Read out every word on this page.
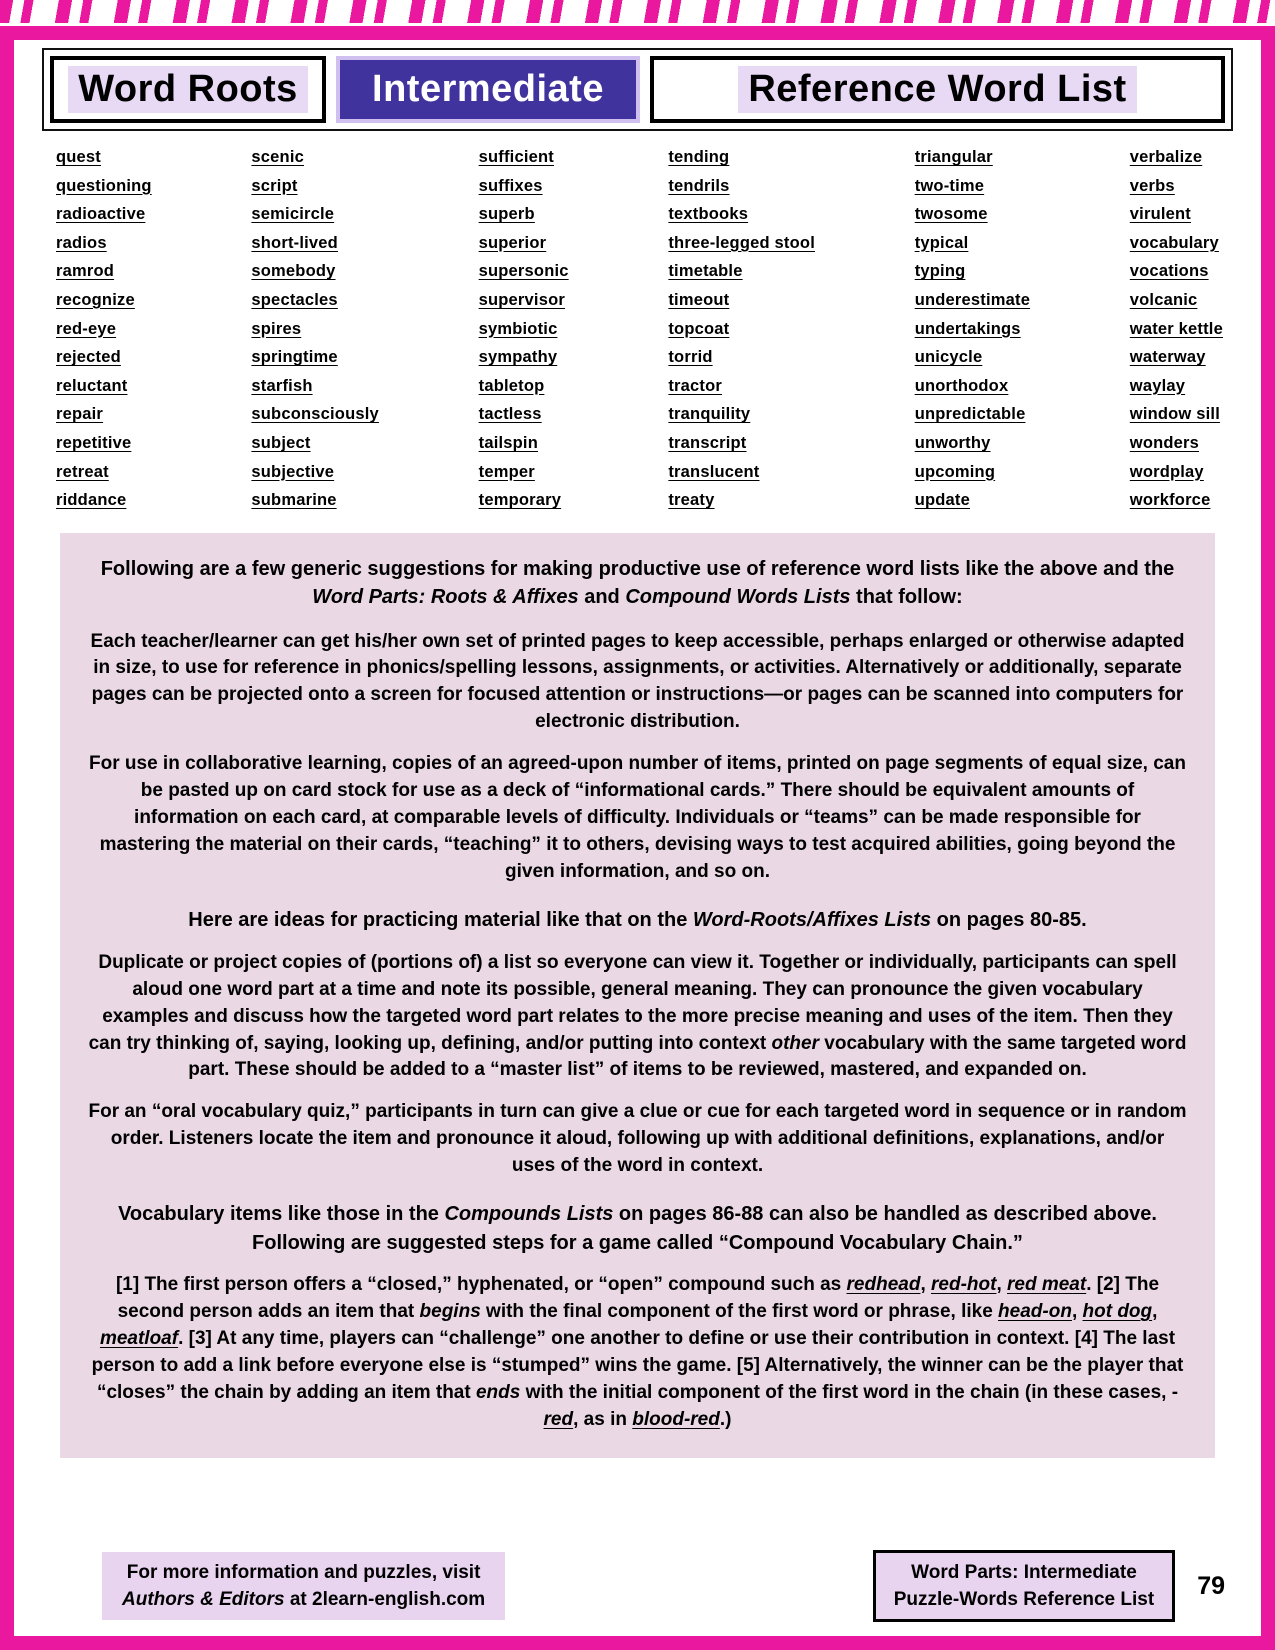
Word Roots Intermediate	Reference Word List
quest
questioning
radioactive
radios
ramrod
recognize
red-eye
rejected
reluctant
repair
repetitive
retreat
riddance
scenic
script
semicircle
short-lived
somebody
spectacles
spires
springtime
starfish
subconsciously
subject
subjective
submarine
sufficient
suffixes
superb
superior
supersonic
supervisor
symbiotic
sympathy
tabletop
tactless
tailspin
temper
temporary
tending
tendrils
textbooks
three-legged stool
timetable
timeout
topcoat
torrid
tractor
tranquility
transcript
translucent
treaty
triangular
two-time
twosome
typical
typing
underestimate
undertakings
unicycle
unorthodox
unpredictable
unworthy
upcoming
update
verbalize
verbs
virulent
vocabulary
vocations
volcanic
water kettle
waterway
waylay
window sill
wonders
wordplay
workforce

Following are a few generic suggestions for making productive use of reference word lists like the above and the Word Parts: Roots & Affixes and Compound Words Lists that follow:

Each teacher/learner can get his/her own set of printed pages to keep accessible, perhaps enlarged or otherwise adapted in size, to use for reference in phonics/spelling lessons, assignments, or activities. Alternatively or additionally, separate pages can be projected onto a screen for focused attention or instructions—or pages can be scanned into computers for electronic distribution.

For use in collaborative learning, copies of an agreed-upon number of items, printed on page segments of equal size, can be pasted up on card stock for use as a deck of “informational cards.” There should be equivalent amounts of information on each card, at comparable levels of difficulty. Individuals or “teams” can be made responsible for mastering the material on their cards, “teaching” it to others, devising ways to test acquired abilities, going beyond the given information, and so on.

Here are ideas for practicing material like that on the Word-Roots/Affixes Lists on pages 80-85.

Duplicate or project copies of (portions of) a list so everyone can view it. Together or individually, participants can spell aloud one word part at a time and note its possible, general meaning. They can pronounce the given vocabulary examples and discuss how the targeted word part relates to the more precise meaning and uses of the item. Then they can try thinking of, saying, looking up, defining, and/or putting into context other vocabulary with the same targeted word part. These should be added to a “master list” of items to be reviewed, mastered, and expanded on.

For an “oral vocabulary quiz,” participants in turn can give a clue or cue for each targeted word in sequence or in random order. Listeners locate the item and pronounce it aloud, following up with additional definitions, explanations, and/or uses of the word in context.

Vocabulary items like those in the Compounds Lists on pages 86-88 can also be handled as described above. Following are suggested steps for a game called “Compound Vocabulary Chain.”

[1] The first person offers a “closed,” hyphenated, or “open” compound such as redhead, red-hot, red meat. [2] The second person adds an item that begins with the final component of the first word or phrase, like head-on, hot dog, meatloaf. [3] At any time, players can “challenge” one another to define or use their contribution in context. [4] The last person to add a link before everyone else is “stumped” wins the game. [5] Alternatively, the winner can be the player that “closes” the chain by adding an item that ends with the initial component of the first word in the chain (in these cases, -red, as in blood-red.)

For more information and puzzles, visit
Authors & Editors at 2learn-english.com
Word Parts: Intermediate
Puzzle-Words Reference List 79
